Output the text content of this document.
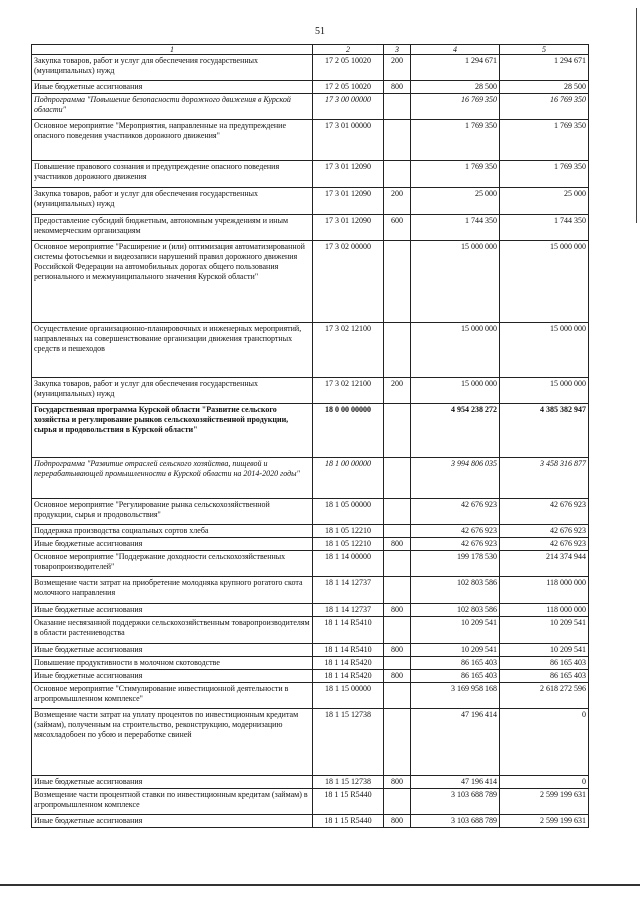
51
1	2	3	4	5
Закупка товаров, работ и услуг для обеспечения государственных (муниципальных) нужд	17 2 05 10020	200	1 294 671	1 294 671
Иные бюджетные ассигнования	17 2 05 10020	800	28 500	28 500
Подпрограмма "Повышение безопасности дорожного движения в Курской области"	17 3 00 00000		16 769 350	16 769 350
Основное мероприятие "Мероприятия, направленные на предупреждение опасного поведения участников дорожного движения"	17 3 01 00000		1 769 350	1 769 350
Повышение правового сознания и предупреждение опасного поведения участников дорожного движения	17 3 01 12090		1 769 350	1 769 350
Закупка товаров, работ и услуг для обеспечения государственных (муниципальных) нужд	17 3 01 12090	200	25 000	25 000
Предоставление субсидий бюджетным, автономным учреждениям и иным некоммерческим организациям	17 3 01 12090	600	1 744 350	1 744 350
Основное мероприятие "Расширение и (или) оптимизация автоматизированной системы фотосъемки и видеозаписи нарушений правил дорожного движения Российской Федерации на автомобильных дорогах общего пользования регионального и межмуниципального значения Курской области"	17 3 02 00000		15 000 000	15 000 000
Осуществление организационно-планировочных и инженерных мероприятий, направленных на совершенствование организации движения транспортных средств и пешеходов	17 3 02 12100		15 000 000	15 000 000
Закупка товаров, работ и услуг для обеспечения государственных (муниципальных) нужд	17 3 02 12100	200	15 000 000	15 000 000
Государственная программа Курской области "Развитие сельского хозяйства и регулирование рынков сельскохозяйственной продукции, сырья и продовольствия в Курской области"	18 0 00 00000		4 954 238 272	4 385 382 947
Подпрограмма "Развитие отраслей сельского хозяйства, пищевой и перерабатывающей промышленности в Курской области на 2014-2020 годы"	18 1 00 00000		3 994 806 035	3 458 316 877
Основное мероприятие "Регулирование рынка сельскохозяйственной продукции, сырья и продовольствия"	18 1 05 00000		42 676 923	42 676 923
Поддержка производства социальных сортов хлеба	18 1 05 12210		42 676 923	42 676 923
Иные бюджетные ассигнования	18 1 05 12210	800	42 676 923	42 676 923
Основное мероприятие "Поддержание доходности сельскохозяйственных товаропроизводителей"	18 1 14 00000		199 178 530	214 374 944
Возмещение части затрат на приобретение молодняка крупного рогатого скота молочного направления	18 1 14 12737		102 803 586	118 000 000
Иные бюджетные ассигнования	18 1 14 12737	800	102 803 586	118 000 000
Оказание несвязанной поддержки сельскохозяйственным товаропроизводителям в области растениеводства	18 1 14 R5410		10 209 541	10 209 541
Иные бюджетные ассигнования	18 1 14 R5410	800	10 209 541	10 209 541
Повышение продуктивности в молочном скотоводстве	18 1 14 R5420		86 165 403	86 165 403
Иные бюджетные ассигнования	18 1 14 R5420	800	86 165 403	86 165 403
Основное мероприятие "Стимулирование инвестиционной деятельности в агропромышленном комплексе"	18 1 15 00000		3 169 958 168	2 618 272 596
Возмещение части затрат на уплату процентов по инвестиционным кредитам (займам), полученным на строительство, реконструкцию, модернизацию мясохладобоен по убою и переработке свиней	18 1 15 12738		47 196 414	0
Иные бюджетные ассигнования	18 1 15 12738	800	47 196 414	0
Возмещение части процентной ставки по инвестиционным кредитам (займам) в агропромышленном комплексе	18 1 15 R5440		3 103 688 789	2 599 199 631
Иные бюджетные ассигнования	18 1 15 R5440	800	3 103 688 789	2 599 199 631
